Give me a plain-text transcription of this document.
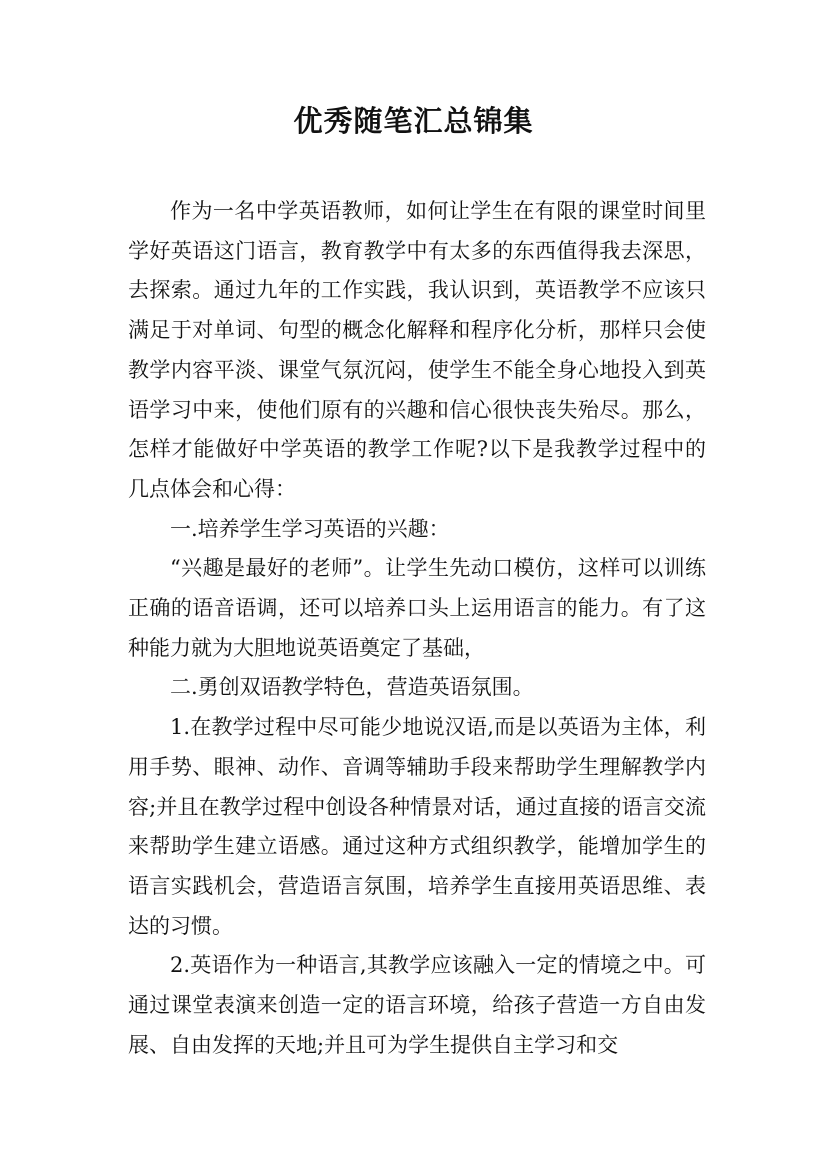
优秀随笔汇总锦集

作为一名中学英语教师，如何让学生在有限的课堂时间里学好英语这门语言，教育教学中有太多的东西值得我去深思，去探索。通过九年的工作实践，我认识到，英语教学不应该只满足于对单词、句型的概念化解释和程序化分析，那样只会使教学内容平淡、课堂气氛沉闷，使学生不能全身心地投入到英语学习中来，使他们原有的兴趣和信心很快丧失殆尽。那么，怎样才能做好中学英语的教学工作呢?以下是我教学过程中的几点体会和心得：

一.培养学生学习英语的兴趣：

“兴趣是最好的老师”。让学生先动口模仿，这样可以训练正确的语音语调，还可以培养口头上运用语言的能力。有了这种能力就为大胆地说英语奠定了基础，

二.勇创双语教学特色，营造英语氛围。

1.在教学过程中尽可能少地说汉语,而是以英语为主体，利用手势、眼神、动作、音调等辅助手段来帮助学生理解教学内容;并且在教学过程中创设各种情景对话，通过直接的语言交流来帮助学生建立语感。通过这种方式组织教学，能增加学生的语言实践机会，营造语言氛围，培养学生直接用英语思维、表达的习惯。

2.英语作为一种语言,其教学应该融入一定的情境之中。可通过课堂表演来创造一定的语言环境，给孩子营造一方自由发展、自由发挥的天地;并且可为学生提供自主学习和交
